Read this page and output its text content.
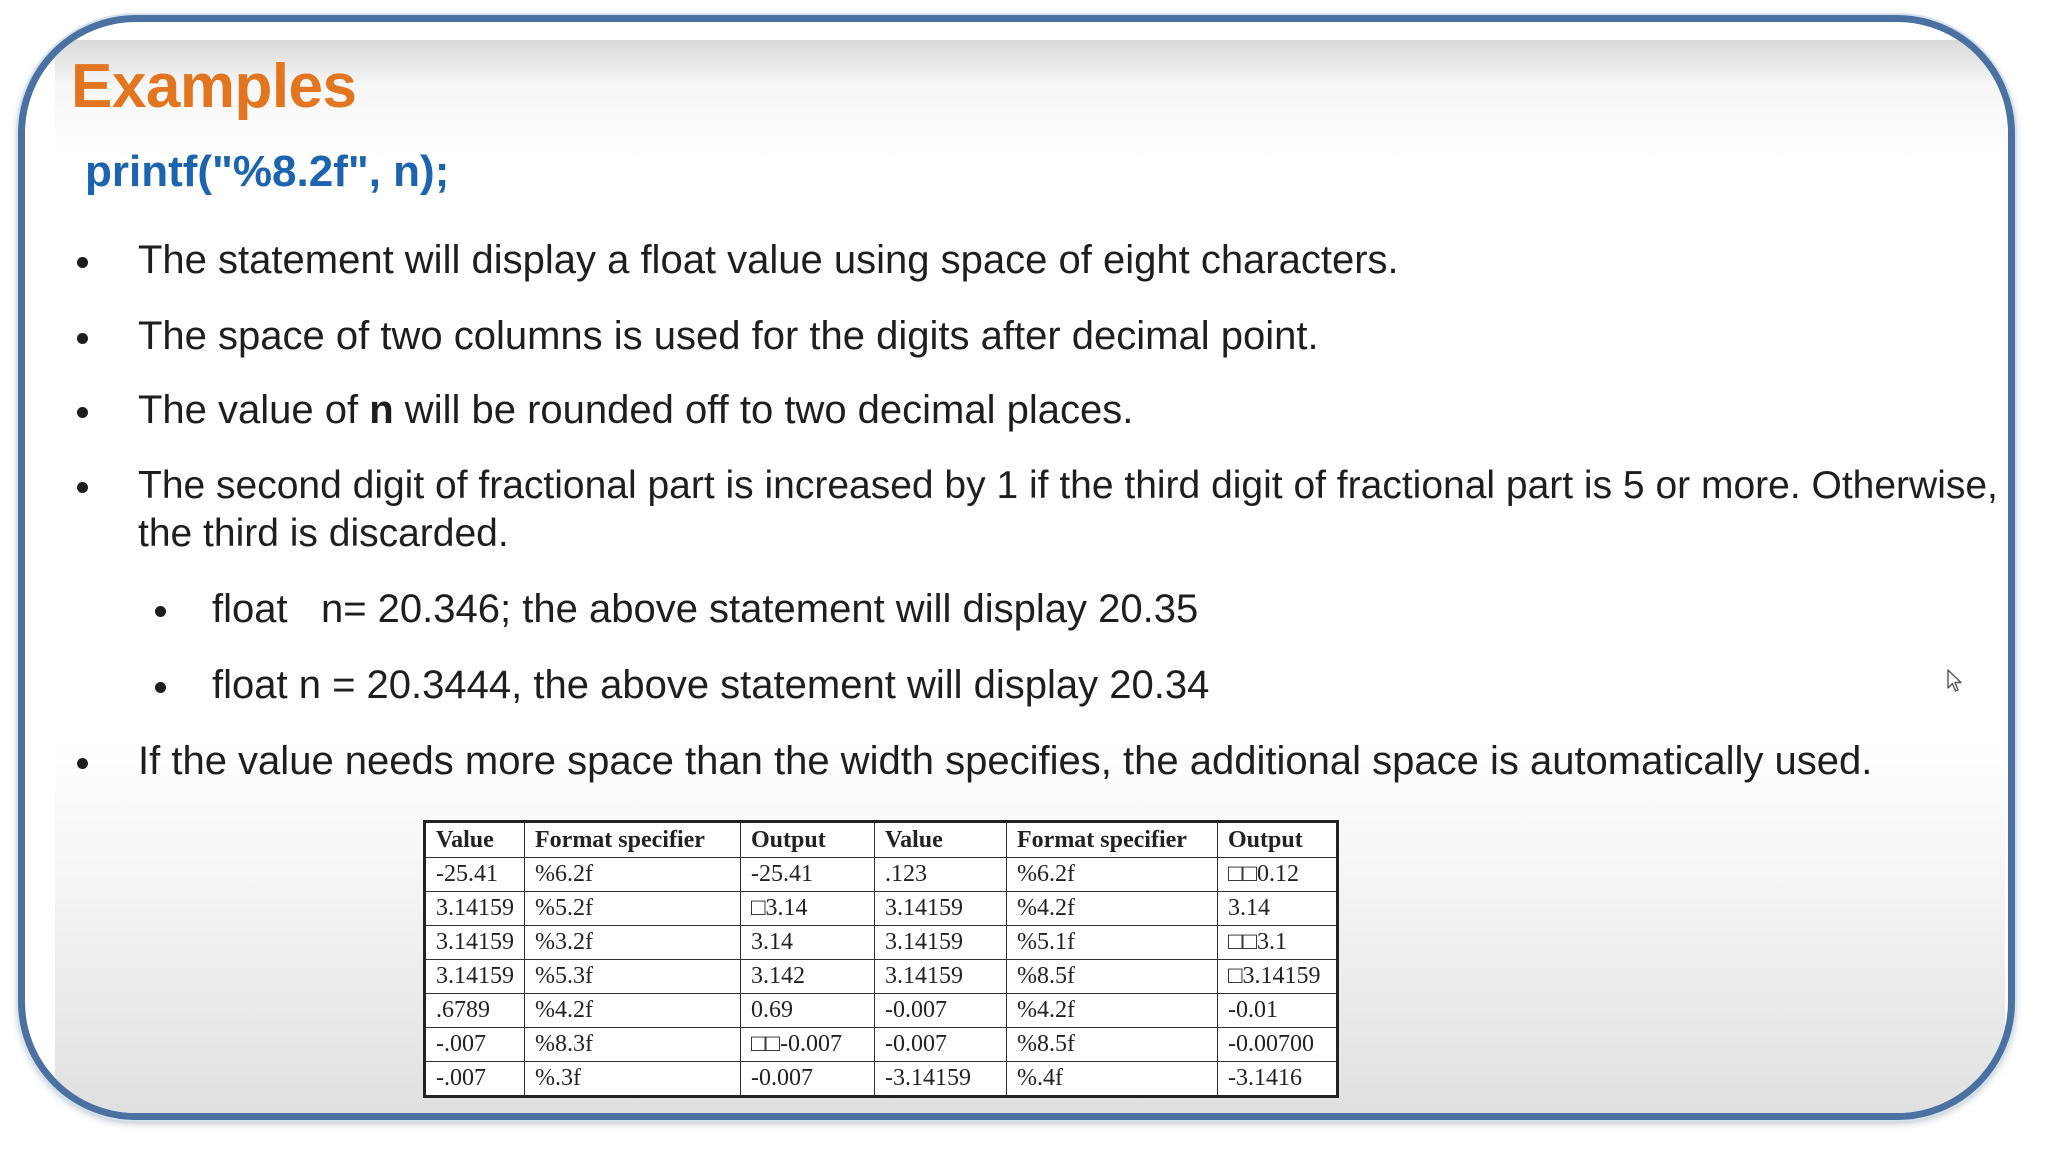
Examples
printf("%8.2f", n);
The statement will display a float value using space of eight characters.
The space of two columns is used for the digits after decimal point.
The value of n will be rounded off to two decimal places.
The second digit of fractional part is increased by 1 if the third digit of fractional part is 5 or more. Otherwise,
the third is discarded.
float   n= 20.346; the above statement will display 20.35
float n = 20.3444, the above statement will display 20.34
If the value needs more space than the width specifies, the additional space is automatically used.
Value	Format specifier	Output	Value	Format specifier	Output
-25.41	%6.2f	-25.41	.123	%6.2f	□□0.12
3.14159	%5.2f	□3.14	3.14159	%4.2f	3.14
3.14159	%3.2f	3.14	3.14159	%5.1f	□□3.1
3.14159	%5.3f	3.142	3.14159	%8.5f	□3.14159
.6789	%4.2f	0.69	-0.007	%4.2f	-0.01
-.007	%8.3f	□□-0.007	-0.007	%8.5f	-0.00700
-.007	%.3f	-0.007	-3.14159	%.4f	-3.1416
